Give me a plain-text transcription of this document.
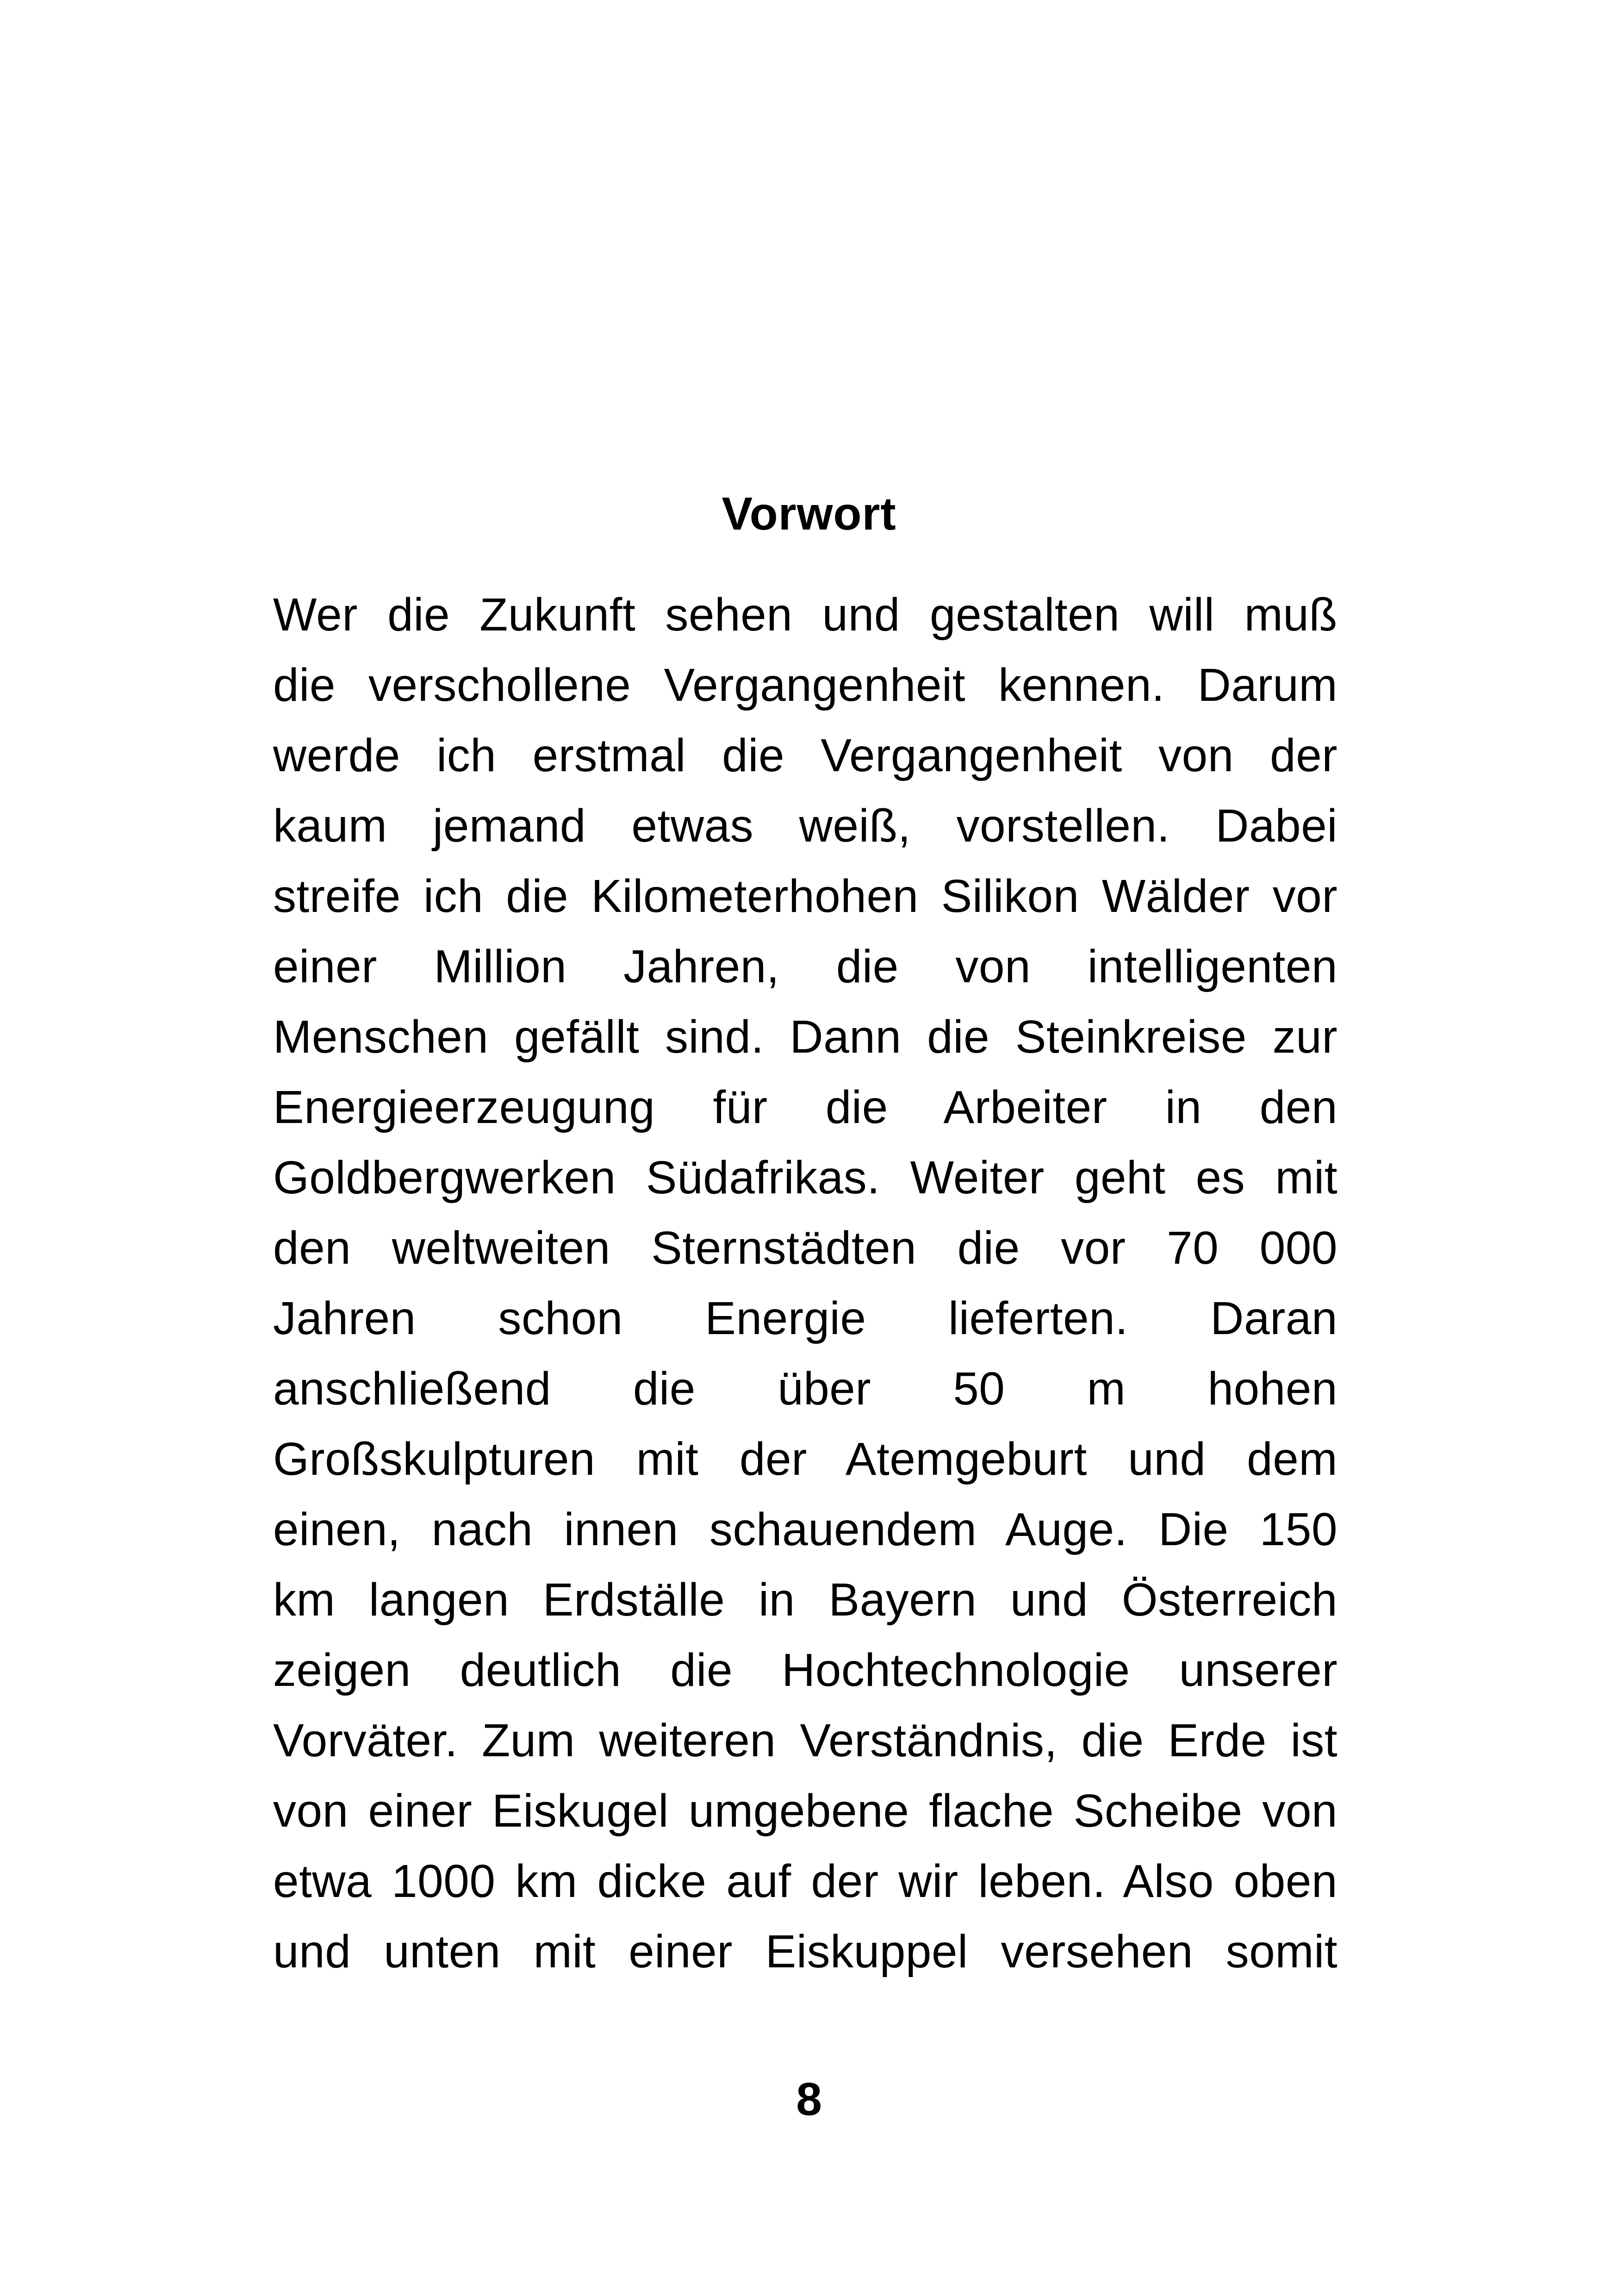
Vorwort
Wer die Zukunft sehen und gestalten will muß
die verschollene Vergangenheit kennen. Darum
werde ich erstmal die Vergangenheit von der
kaum jemand etwas weiß, vorstellen. Dabei
streife ich die Kilometerhohen Silikon Wälder vor
einer Million Jahren, die von intelligenten
Menschen gefällt sind. Dann die Steinkreise zur
Energieerzeugung für die Arbeiter in den
Goldbergwerken Südafrikas. Weiter geht es mit
den weltweiten Sternstädten die vor 70 000
Jahren schon Energie lieferten. Daran
anschließend die über 50 m hohen
Großskulpturen mit der Atemgeburt und dem
einen, nach innen schauendem Auge. Die 150
km langen Erdställe in Bayern und Österreich
zeigen deutlich die Hochtechnologie unserer
Vorväter. Zum weiteren Verständnis, die Erde ist
von einer Eiskugel umgebene flache Scheibe von
etwa 1000 km dicke auf der wir leben. Also oben
und unten mit einer Eiskuppel versehen somit
8
